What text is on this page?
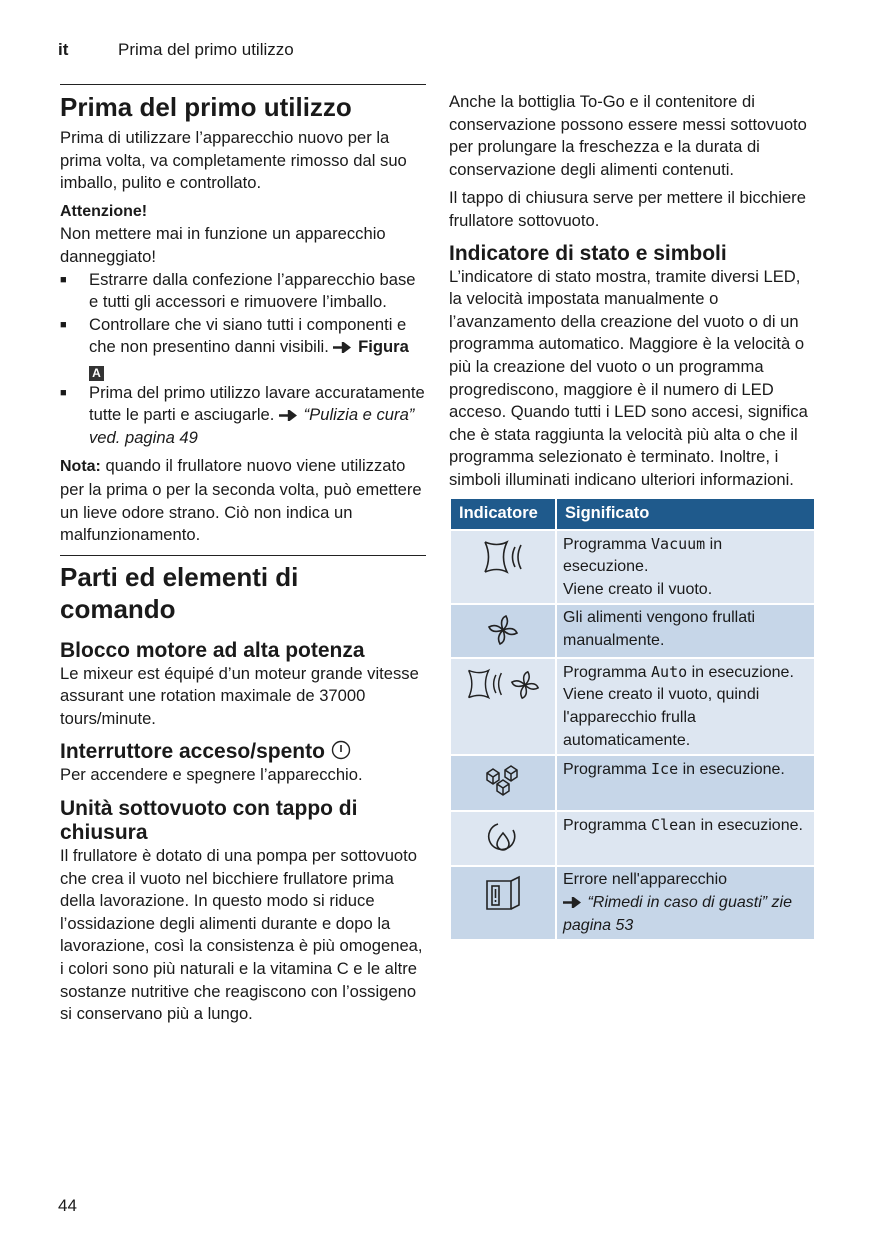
it	Prima del primo utilizzo
Prima del primo utilizzo

Prima di utilizzare l’apparecchio nuovo per la prima volta, va completamente rimosso dal suo imballo, pulito e controllato.

Attenzione!

Non mettere mai in funzione un apparecchio danneggiato!

■ Estrarre dalla confezione l’apparecchio base e tutti gli accessori e rimuovere l’imballo.
■ Controllare che vi siano tutti i componenti e che non presentino danni visibili. Figura A
■ Prima del primo utilizzo lavare accuratamente tutte le parti e asciugarle. “Pulizia e cura” ved. pagina 49

Nota: quando il frullatore nuovo viene utilizzato per la prima o per la seconda volta, può emettere un lieve odore strano. Ciò non indica un malfunzionamento.

Parti ed elementi di comando
Blocco motore ad alta potenza

Le mixeur est équipé d’un moteur grande vitesse assurant une rotation maximale de 37000 tours/minute.

Interruttore acceso/spento

Per accendere e spegnere l’apparecchio.

Unità sottovuoto con tappo di chiusura

Il frullatore è dotato di una pompa per sottovuoto che crea il vuoto nel bicchiere frullatore prima della lavorazione. In questo modo si riduce l’ossidazione degli alimenti durante e dopo la lavorazione, così la consistenza è più omogenea, i colori sono più naturali e la vitamina C e le altre sostanze nutritive che reagiscono con l’ossigeno si conservano più a lungo.

Anche la bottiglia To-Go e il contenitore di conservazione possono essere messi sottovuoto per prolungare la freschezza e la durata di conservazione degli alimenti contenuti.

Il tappo di chiusura serve per mettere il bicchiere frullatore sottovuoto.

Indicatore di stato e simboli

L’indicatore di stato mostra, tramite diversi LED, la velocità impostata manualmente o l’avanzamento della creazione del vuoto o di un programma automatico. Maggiore è la velocità o più la creazione del vuoto o un programma progrediscono, maggiore è il numero di LED acceso. Quando tutti i LED sono accesi, significa che è stata raggiunta la velocità più alta o che il programma selezionato è terminato. Inoltre, i simboli illuminati indicano ulteriori informazioni.

Indicatore	Significato
	Programma Vacuum in esecuzione.
Viene creato il vuoto.
	Gli alimenti vengono frullati manualmente.
	Programma Auto in esecuzione.
Viene creato il vuoto, quindi l'apparecchio frulla automaticamente.
	Programma Ice in esecuzione.
	Programma Clean in esecuzione.
	Errore nell'apparecchio
“Rimedi in caso di guasti” zie pagina 53
44
